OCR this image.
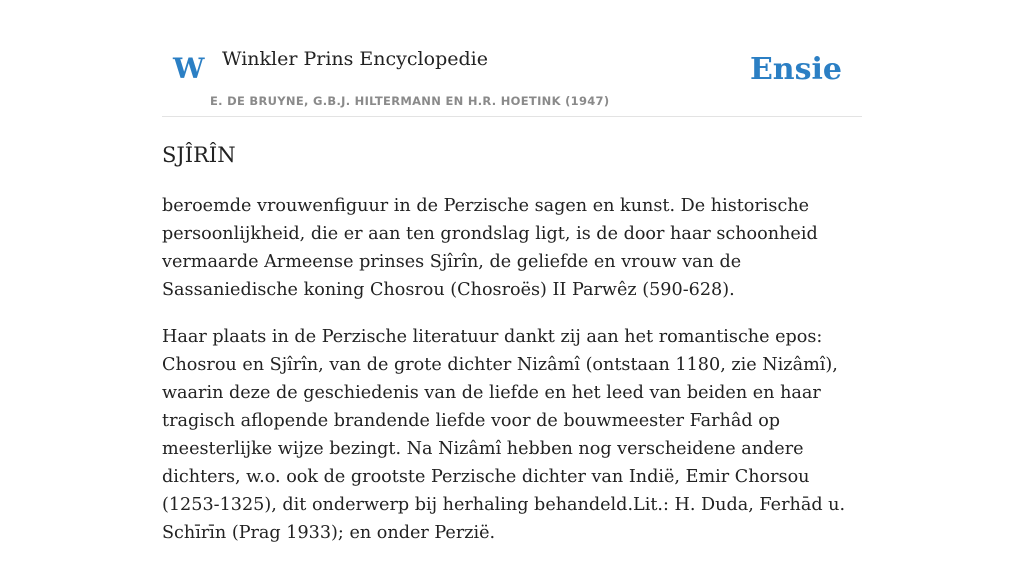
W Winkler Prins Encyclopedie
E. DE BRUYNE, G.B.J. HILTERMANN EN H.R. HOETINK (1947)
Ensie
SJÎRÎN

beroemde vrouwenfiguur in de Perzische sagen en kunst. De historische persoonlijkheid, die er aan ten grondslag ligt, is de door haar schoonheid vermaarde Armeense prinses Sjîrîn, de geliefde en vrouw van de Sassaniedische koning Chosrou (Chosroës) II Parwêz (590-628).

Haar plaats in de Perzische literatuur dankt zij aan het romantische epos: Chosrou en Sjîrîn, van de grote dichter Nizâmî (ontstaan 1180, zie Nizâmî), waarin deze de geschiedenis van de liefde en het leed van beiden en haar tragisch aflopende brandende liefde voor de bouwmeester Farhâd op meesterlijke wijze bezingt. Na Nizâmî hebben nog verscheidene andere dichters, w.o. ook de grootste Perzische dichter van Indië, Emir Chorsou (1253-1325), dit onderwerp bij herhaling behandeld.Lit.: H. Duda, Ferhād u. Schīrīn (Prag 1933); en onder Perzië.
